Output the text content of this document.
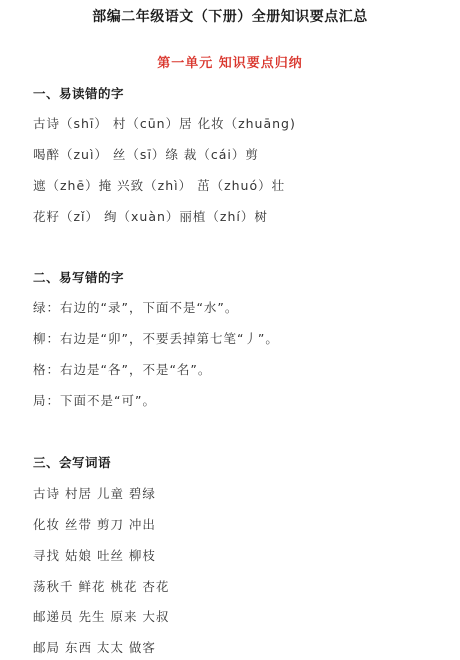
部编二年级语文（下册）全册知识要点汇总
第一单元 知识要点归纳
一、易读错的字
古诗（shī） 村（cūn）居 化妆（zhuāng)
喝醉（zuì） 丝（sī）绦 裁（cái）剪
遮（zhē）掩 兴致（zhì） 茁（zhuó）壮
花籽（zǐ） 绚（xuàn）丽植（zhí）树
二、易写错的字
绿：右边的“录”，下面不是“水”。
柳：右边是“卯”，不要丢掉第七笔“丿”。
格：右边是“各”，不是“名”。
局：下面不是“可”。
三、会写词语
古诗 村居 儿童 碧绿
化妆 丝带 剪刀 冲出
寻找 姑娘 吐丝 柳枝
荡秋千 鲜花 桃花 杏花
邮递员 先生 原来 大叔
邮局 东西 太太 做客
